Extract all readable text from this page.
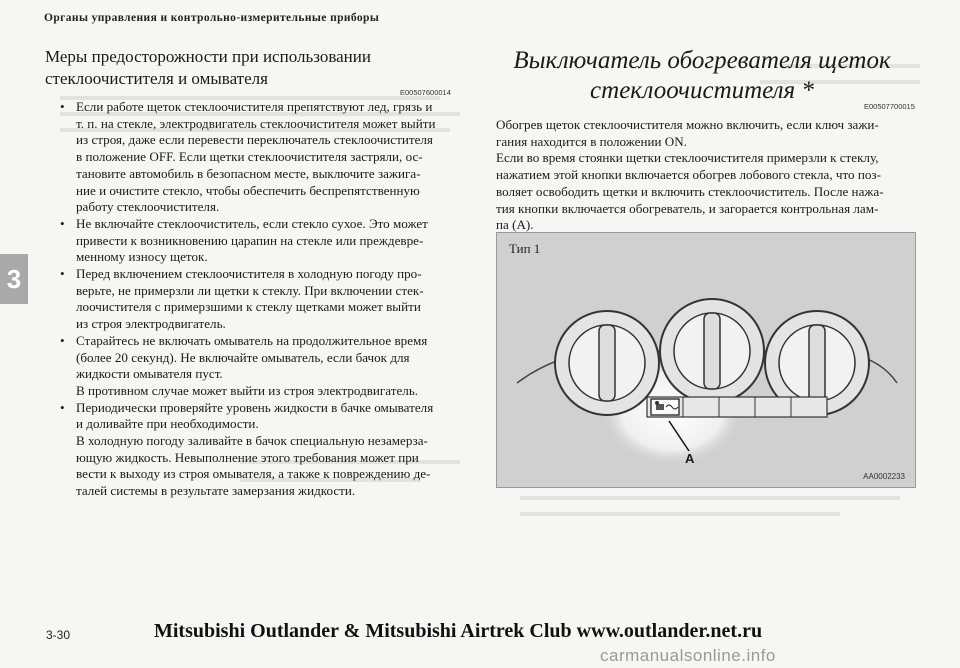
Органы управления и контрольно-измерительные приборы
3
Меры предосторожности при использовании
стеклоочистителя и омывателя
E00507600014
• Если работе щеток стеклоочистителя препятствуют лед, грязь и
т. п. на стекле, электродвигатель стеклоочистителя может выйти
из строя, даже если перевести переключатель стеклоочистителя
в положение OFF. Если щетки стеклоочистителя застряли, ос-
тановите автомобиль в безопасном месте, выключите зажига-
ние и очистите стекло, чтобы обеспечить беспрепятственную
работу стеклоочистителя.
• Не включайте стеклоочиститель, если стекло сухое. Это может
привести к возникновению царапин на стекле или преждевре-
менному износу щеток.
• Перед включением стеклоочистителя в холодную погоду про-
верьте, не примерзли ли щетки к стеклу. При включении стек-
лоочистителя с примерзшими к стеклу щетками может выйти
из строя электродвигатель.
• Старайтесь не включать омыватель на продолжительное время
(более 20 секунд). Не включайте омыватель, если бачок для
жидкости омывателя пуст.
В противном случае может выйти из строя электродвигатель.
• Периодически проверяйте уровень жидкости в бачке омывателя
и доливайте при необходимости.
В холодную погоду заливайте в бачок специальную незамерза-
ющую жидкость. Невыполнение этого требования может при
вести к выходу из строя омывателя, а также к повреждению де-
талей системы в результате замерзания жидкости.
Выключатель обогревателя щеток
стеклоочистителя *
E00507700015

Обогрев щеток стеклоочистителя можно включить, если ключ зажи-
гания находится в положении ON.

Если во время стоянки щетки стеклоочистителя примерзли к стеклу,
нажатием этой кнопки включается обогрев лобового стекла, что поз-
воляет освободить щетки и включить стеклоочиститель. После нажа-
тия кнопки включается обогреватель, и загорается контрольная лам-
па (А).

Тип 1
A
AA0002233
3-30	Mitsubishi Outlander & Mitsubishi Airtrek Club www.outlander.net.ru
carmanualsonline.info
